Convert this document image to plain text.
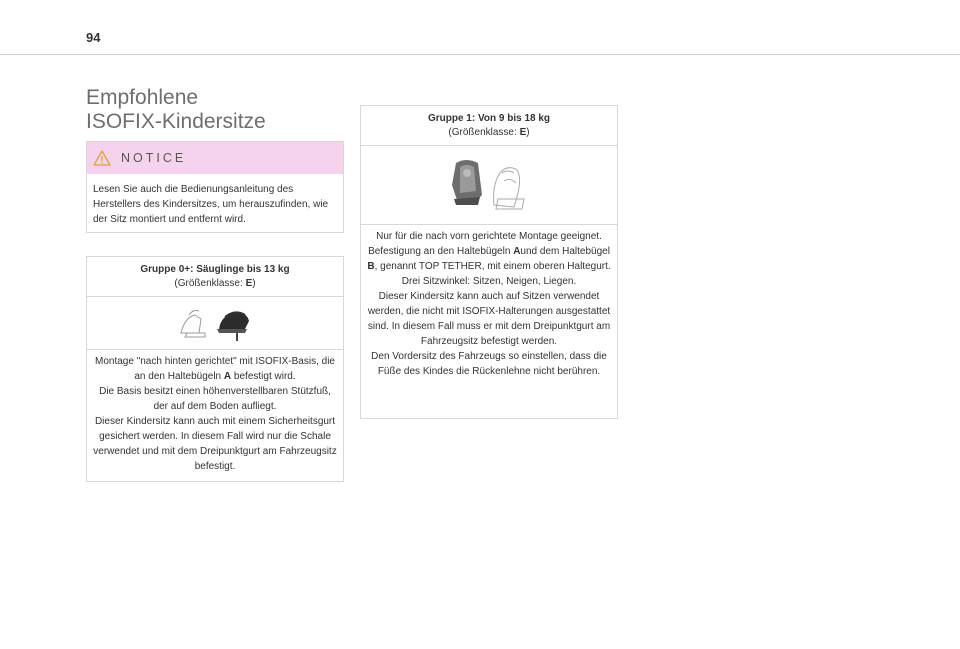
94
Empfohlene
ISOFIX-Kindersitze
NOTICE
Lesen Sie auch die Bedienungsanleitung des Herstellers des Kindersitzes, um herauszufinden, wie der Sitz montiert und entfernt wird.
Gruppe 0+: Säuglinge bis 13 kg
(Größenklasse: E)

Montage "nach hinten gerichtet" mit ISOFIX-Basis, die an den Haltebügeln A befestigt wird.

Die Basis besitzt einen höhenverstellbaren Stützfuß, der auf dem Boden aufliegt.

Dieser Kindersitz kann auch mit einem Sicherheitsgurt gesichert werden. In diesem Fall wird nur die Schale verwendet und mit dem Dreipunktgurt am Fahrzeugsitz befestigt.

Gruppe 1: Von 9 bis 18 kg
(Größenklasse: E)

Nur für die nach vorn gerichtete Montage geeignet.

Befestigung an den Haltebügeln Aund dem Haltebügel B, genannt TOP TETHER, mit einem oberen Haltegurt.

Drei Sitzwinkel: Sitzen, Neigen, Liegen.

Dieser Kindersitz kann auch auf Sitzen verwendet werden, die nicht mit ISOFIX-Halterungen ausgestattet sind. In diesem Fall muss er mit dem Dreipunktgurt am Fahrzeugsitz befestigt werden.

Den Vordersitz des Fahrzeugs so einstellen, dass die Füße des Kindes die Rückenlehne nicht berühren.
